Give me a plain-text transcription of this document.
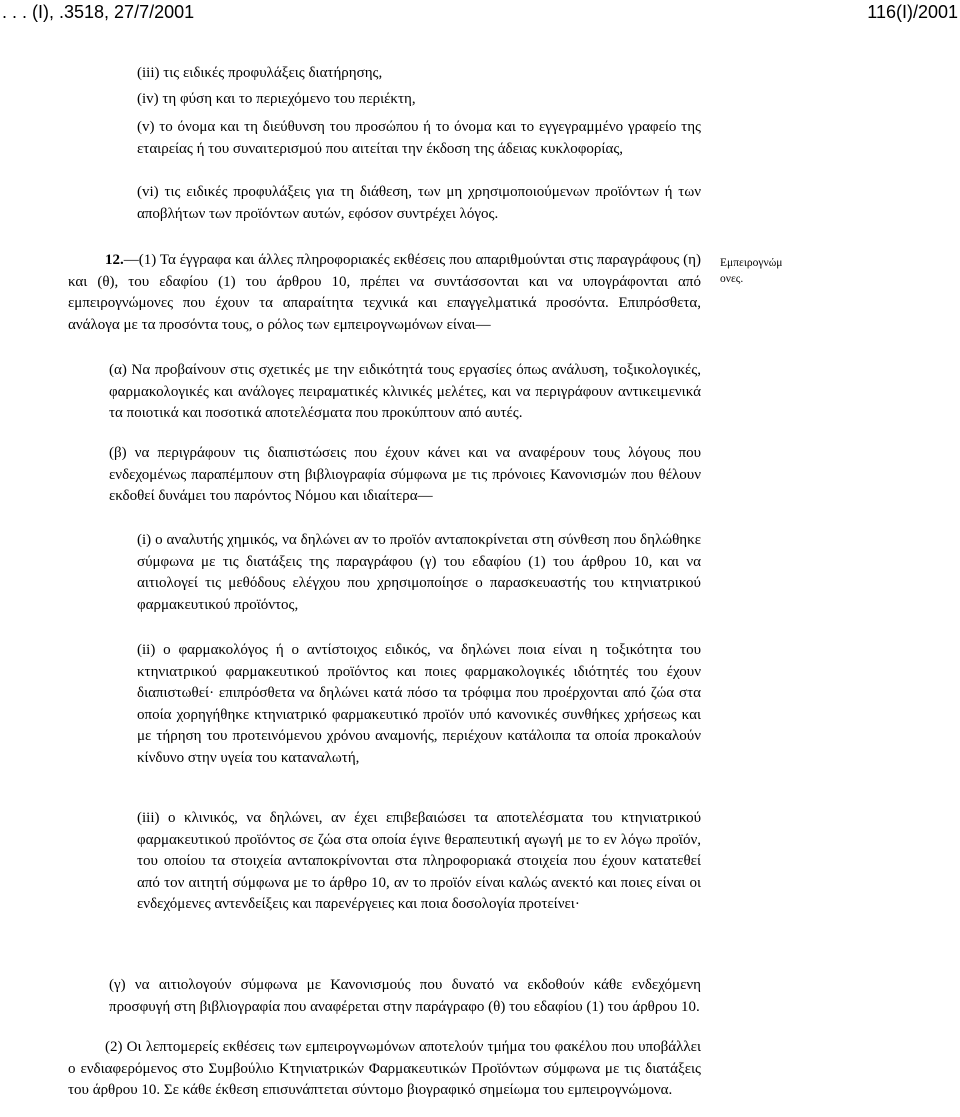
. . . (Ι), .3518, 27/7/2001	116(Ι)/2001

(iii) τις ειδικές προφυλάξεις διατήρησης,

(iv) τη φύση και το περιεχόμενο του περιέκτη,

(v) το όνομα και τη διεύθυνση του προσώπου ή το όνομα και το εγγεγραμμένο γραφείο της εταιρείας ή του συναιτερισμού που αιτείται την έκδοση της άδειας κυκλοφορίας,

(vi) τις ειδικές προφυλάξεις για τη διάθεση, των μη χρησιμοποιούμενων προϊόντων ή των αποβλήτων των προϊόντων αυτών, εφόσον συντρέχει λόγος.

12.—(1) Τα έγγραφα και άλλες πληροφοριακές εκθέσεις που απαριθμούνται στις παραγράφους (η) και (θ), του εδαφίου (1) του άρθρου 10, πρέπει να συντάσσονται και να υπογράφονται από εμπειρογνώμονες που έχουν τα απαραίτητα τεχνικά και επαγγελματικά προσόντα. Επιπρόσθετα, ανάλογα με τα προσόντα τους, ο ρόλος των εμπειρογνωμόνων είναι—

Εμπειρογνώμ ονες.

(α) Να προβαίνουν στις σχετικές με την ειδικότητά τους εργασίες όπως ανάλυση, τοξικολογικές, φαρμακολογικές και ανάλογες πειραματικές κλινικές μελέτες, και να περιγράφουν αντικειμενικά τα ποιοτικά και ποσοτικά αποτελέσματα που προκύπτουν από αυτές.

(β) να περιγράφουν τις διαπιστώσεις που έχουν κάνει και να αναφέρουν τους λόγους που ενδεχομένως παραπέμπουν στη βιβλιογραφία σύμφωνα με τις πρόνοιες Κανονισμών που θέλουν εκδοθεί δυνάμει του παρόντος Νόμου και ιδιαίτερα—

(i) ο αναλυτής χημικός, να δηλώνει αν το προϊόν ανταποκρίνεται στη σύνθεση που δηλώθηκε σύμφωνα με τις διατάξεις της παραγράφου (γ) του εδαφίου (1) του άρθρου 10, και να αιτιολογεί τις μεθόδους ελέγχου που χρησιμοποίησε ο παρασκευαστής του κτηνιατρικού φαρμακευτικού προϊόντος,

(ii) ο φαρμακολόγος ή ο αντίστοιχος ειδικός, να δηλώνει ποια είναι η τοξικότητα του κτηνιατρικού φαρμακευτικού προϊόντος και ποιες φαρμακολογικές ιδιότητές του έχουν διαπιστωθεί· επιπρόσθετα να δηλώνει κατά πόσο τα τρόφιμα που προέρχονται από ζώα στα οποία χορηγήθηκε κτηνιατρικό φαρμακευτικό προϊόν υπό κανονικές συνθήκες χρήσεως και με τήρηση του προτεινόμενου χρόνου αναμονής, περιέχουν κατάλοιπα τα οποία προκαλούν κίνδυνο στην υγεία του καταναλωτή,

(iii) ο κλινικός, να δηλώνει, αν έχει επιβεβαιώσει τα αποτελέσματα του κτηνιατρικού φαρμακευτικού προϊόντος σε ζώα στα οποία έγινε θεραπευτική αγωγή με το εν λόγω προϊόν, του οποίου τα στοιχεία ανταποκρίνονται στα πληροφοριακά στοιχεία που έχουν κατατεθεί από τον αιτητή σύμφωνα με το άρθρο 10, αν το προϊόν είναι καλώς ανεκτό και ποιες είναι οι ενδεχόμενες αντενδείξεις και παρενέργειες και ποια δοσολογία προτείνει·

(γ) να αιτιολογούν σύμφωνα με Κανονισμούς που δυνατό να εκδοθούν κάθε ενδεχόμενη προσφυγή στη βιβλιογραφία που αναφέρεται στην παράγραφο (θ) του εδαφίου (1) του άρθρου 10.

(2) Οι λεπτομερείς εκθέσεις των εμπειρογνωμόνων αποτελούν τμήμα του φακέλου που υποβάλλει ο ενδιαφερόμενος στο Συμβούλιο Κτηνιατρικών Φαρμακευτικών Προϊόντων σύμφωνα με τις διατάξεις του άρθρου 10. Σε κάθε έκθεση επισυνάπτεται σύντομο βιογραφικό σημείωμα του εμπειρογνώμονα.
